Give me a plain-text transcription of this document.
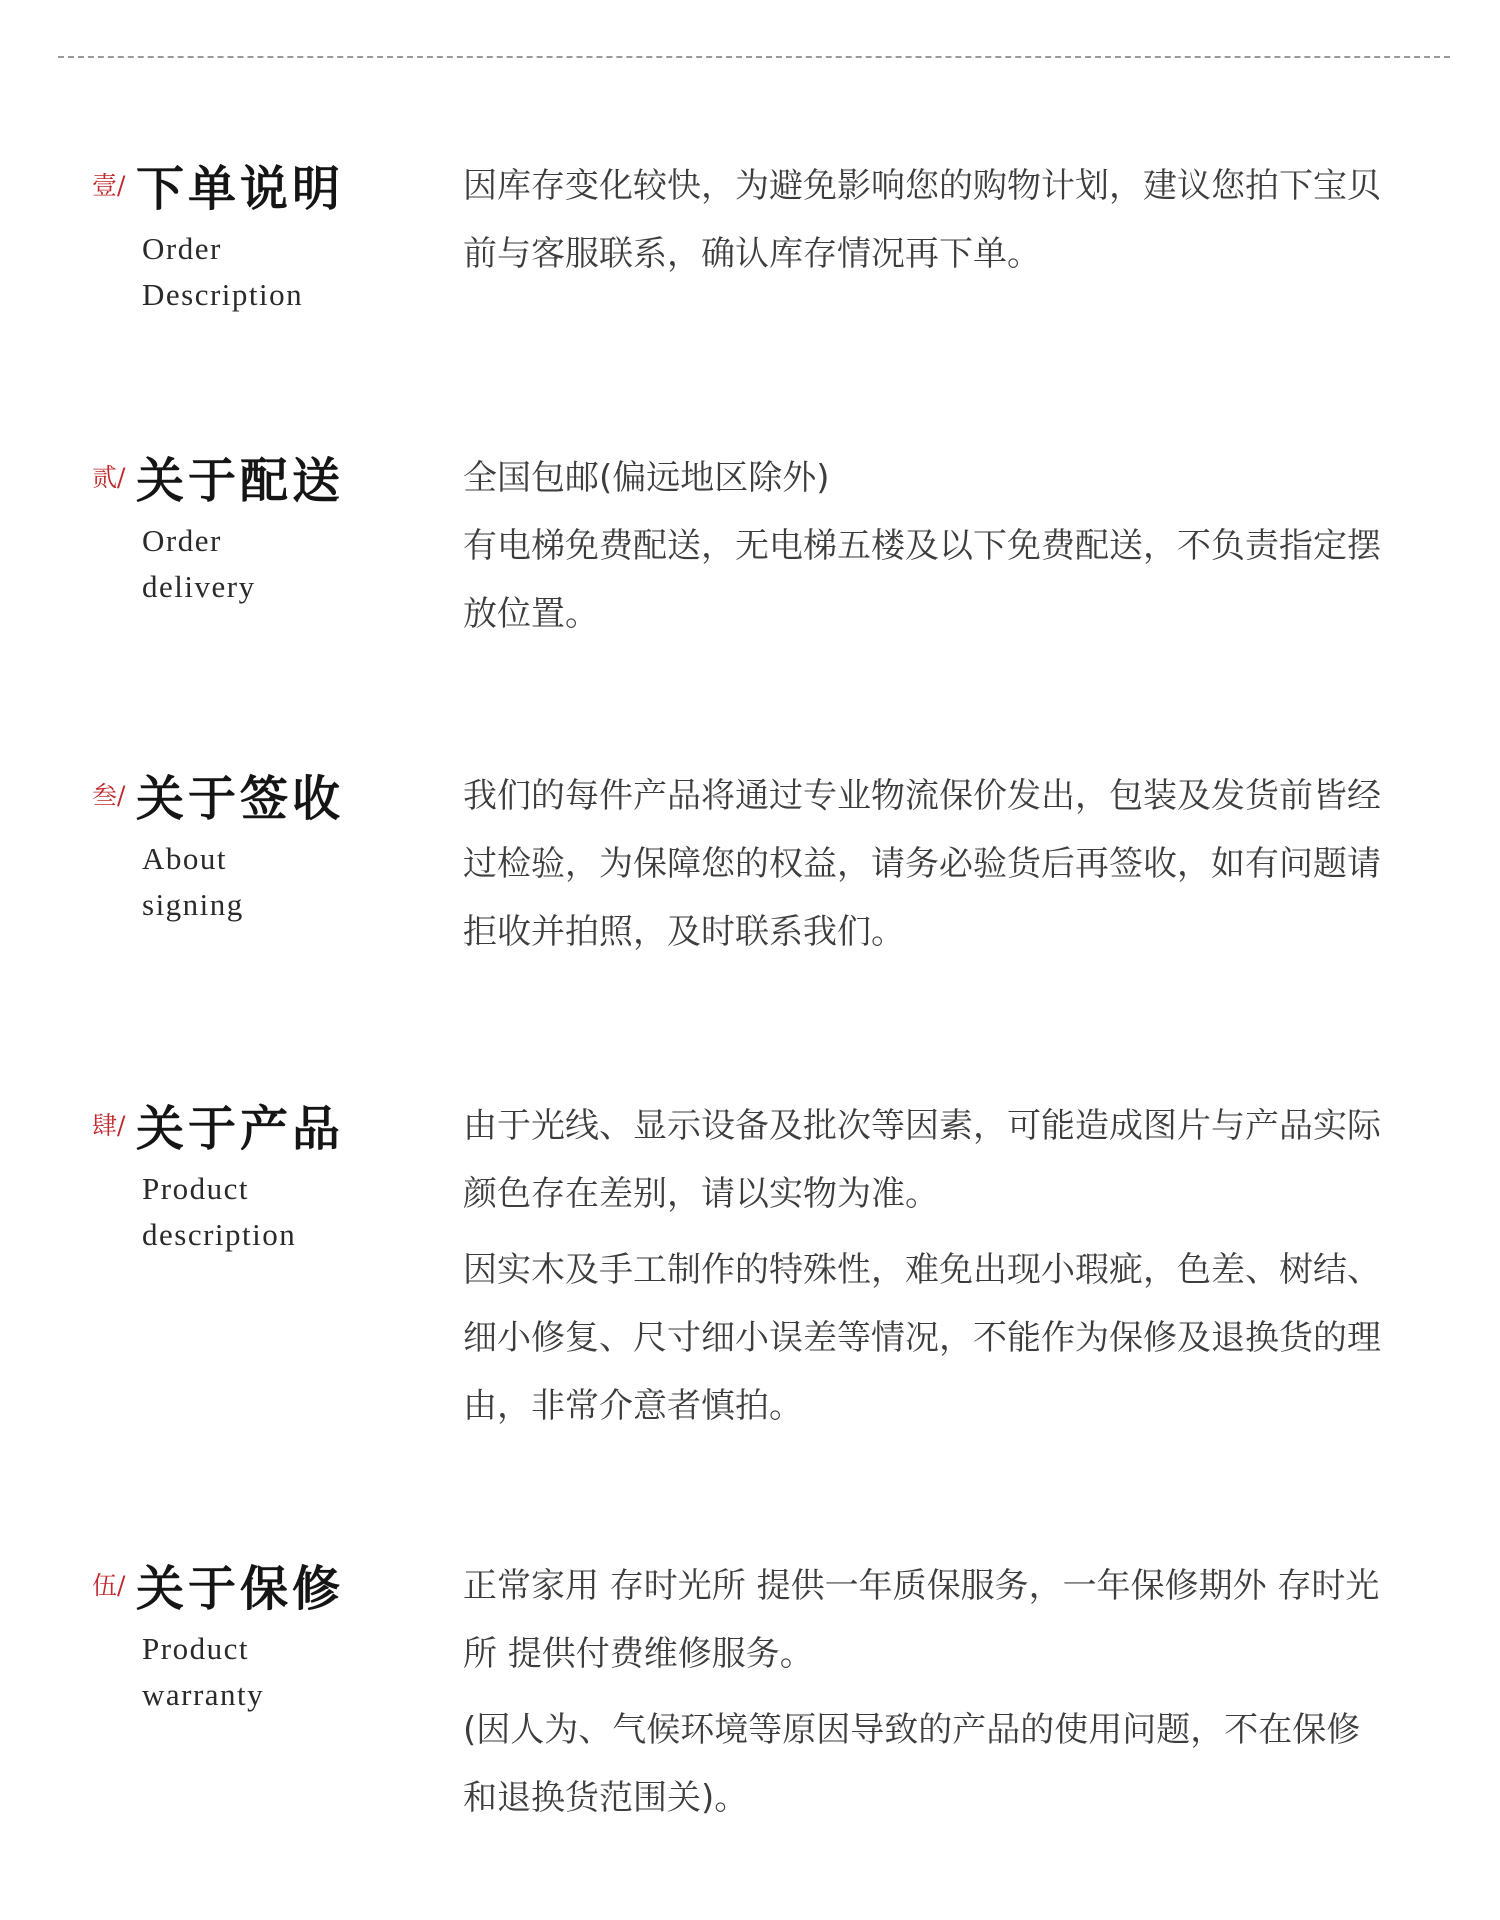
壹/ 下单说明
Order
Description

因库存变化较快，为避免影响您的购物计划，建议您拍下宝贝前与客服联系，确认库存情况再下单。

贰/ 关于配送
Order
delivery

全国包邮(偏远地区除外)

有电梯免费配送，无电梯五楼及以下免费配送，不负责指定摆放位置。

叁/ 关于签收
About
signing

我们的每件产品将通过专业物流保价发出，包装及发货前皆经过检验，为保障您的权益，请务必验货后再签收，如有问题请拒收并拍照，及时联系我们。

肆/ 关于产品
Product
description

由于光线、显示设备及批次等因素，可能造成图片与产品实际颜色存在差别，请以实物为准。

因实木及手工制作的特殊性，难免出现小瑕疵，色差、树结、细小修复、尺寸细小误差等情况，不能作为保修及退换货的理由，非常介意者慎拍。

伍/ 关于保修
Product
warranty

正常家用 存时光所 提供一年质保服务，一年保修期外 存时光所 提供付费维修服务。

(因人为、气候环境等原因导致的产品的使用问题，不在保修和退换货范围关)。
